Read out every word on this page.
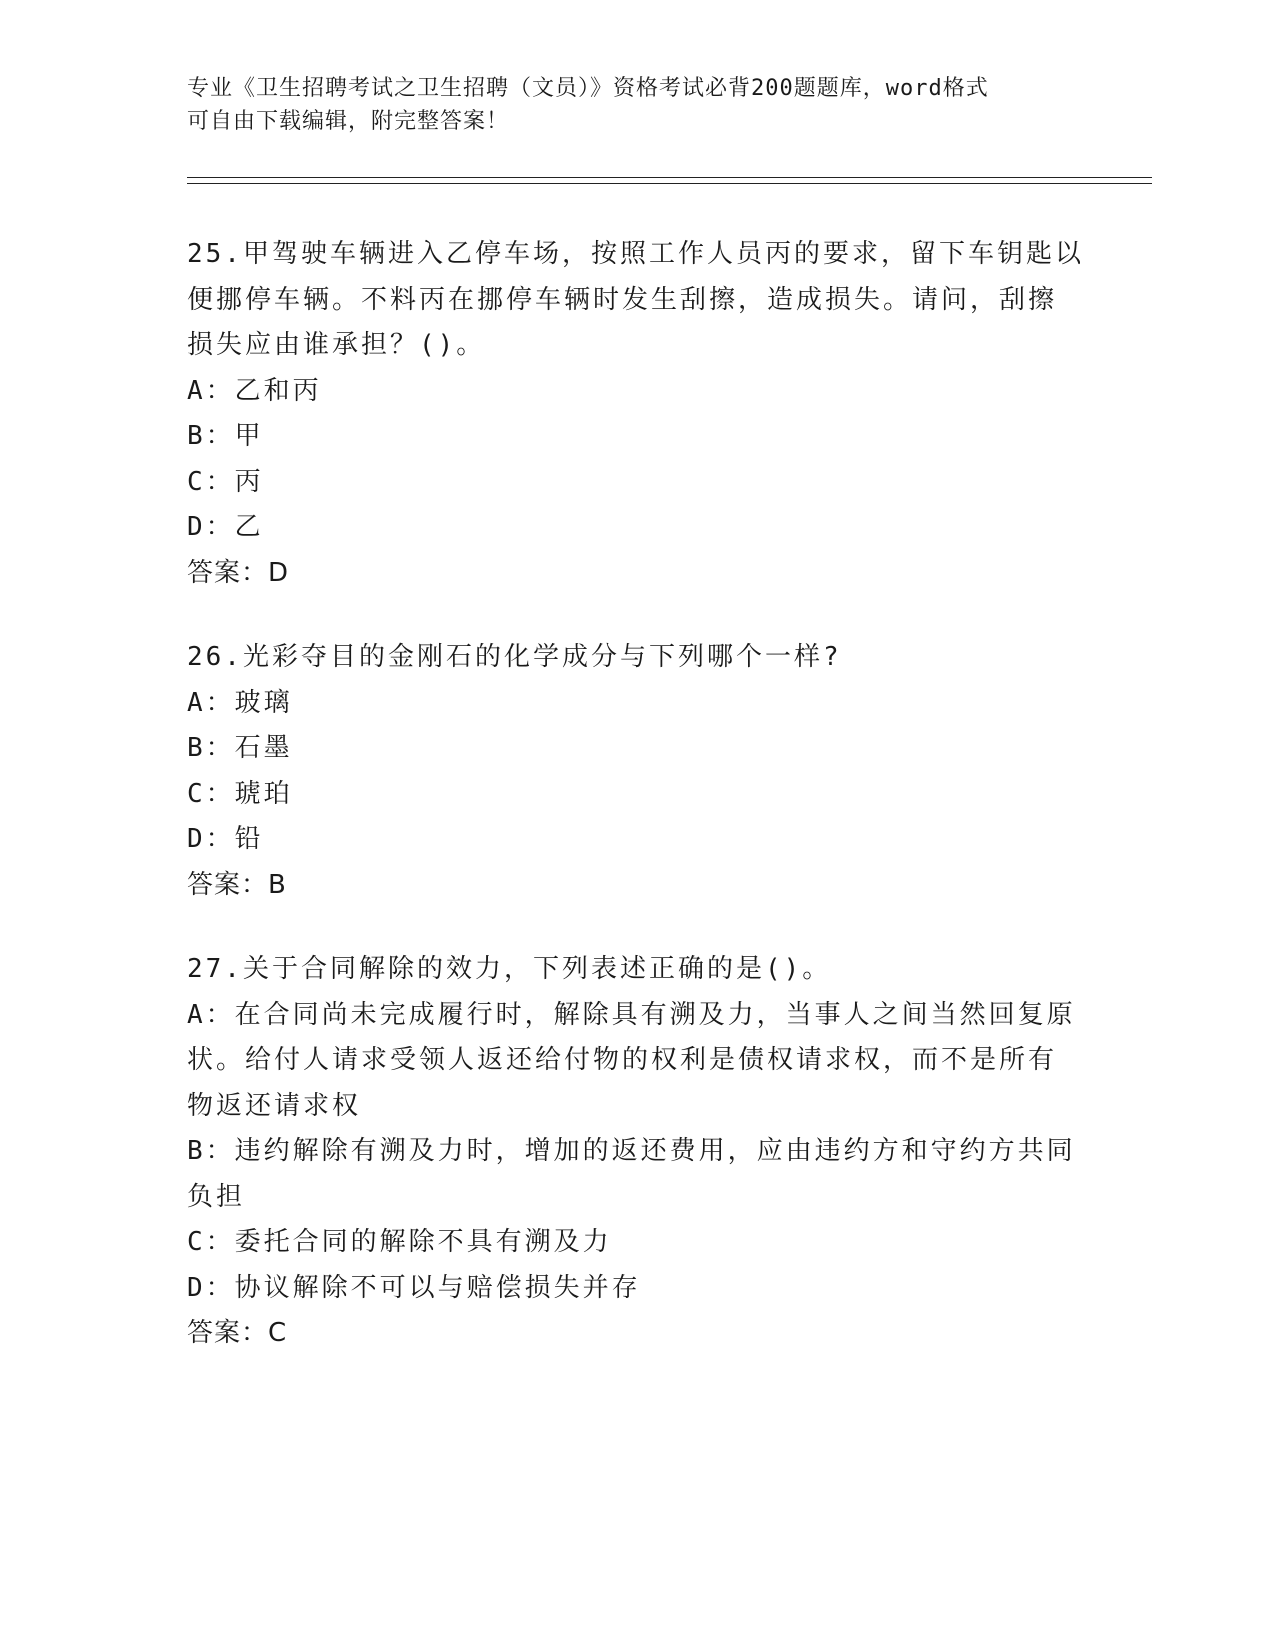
专业《卫生招聘考试之卫生招聘（文员）》资格考试必背200题题库，word格式
可自由下载编辑，附完整答案！

25.甲驾驶车辆进入乙停车场，按照工作人员丙的要求，留下车钥匙以

便挪停车辆。不料丙在挪停车辆时发生刮擦，造成损失。请问，刮擦

损失应由谁承担？()。

A：乙和丙

B：甲

C：丙

D：乙

答案：D

26.光彩夺目的金刚石的化学成分与下列哪个一样?

A：玻璃

B：石墨

C：琥珀

D：铅

答案：B

27.关于合同解除的效力，下列表述正确的是()。

A：在合同尚未完成履行时，解除具有溯及力，当事人之间当然回复原

状。给付人请求受领人返还给付物的权利是债权请求权，而不是所有

物返还请求权

B：违约解除有溯及力时，增加的返还费用，应由违约方和守约方共同

负担

C：委托合同的解除不具有溯及力

D：协议解除不可以与赔偿损失并存

答案：C
